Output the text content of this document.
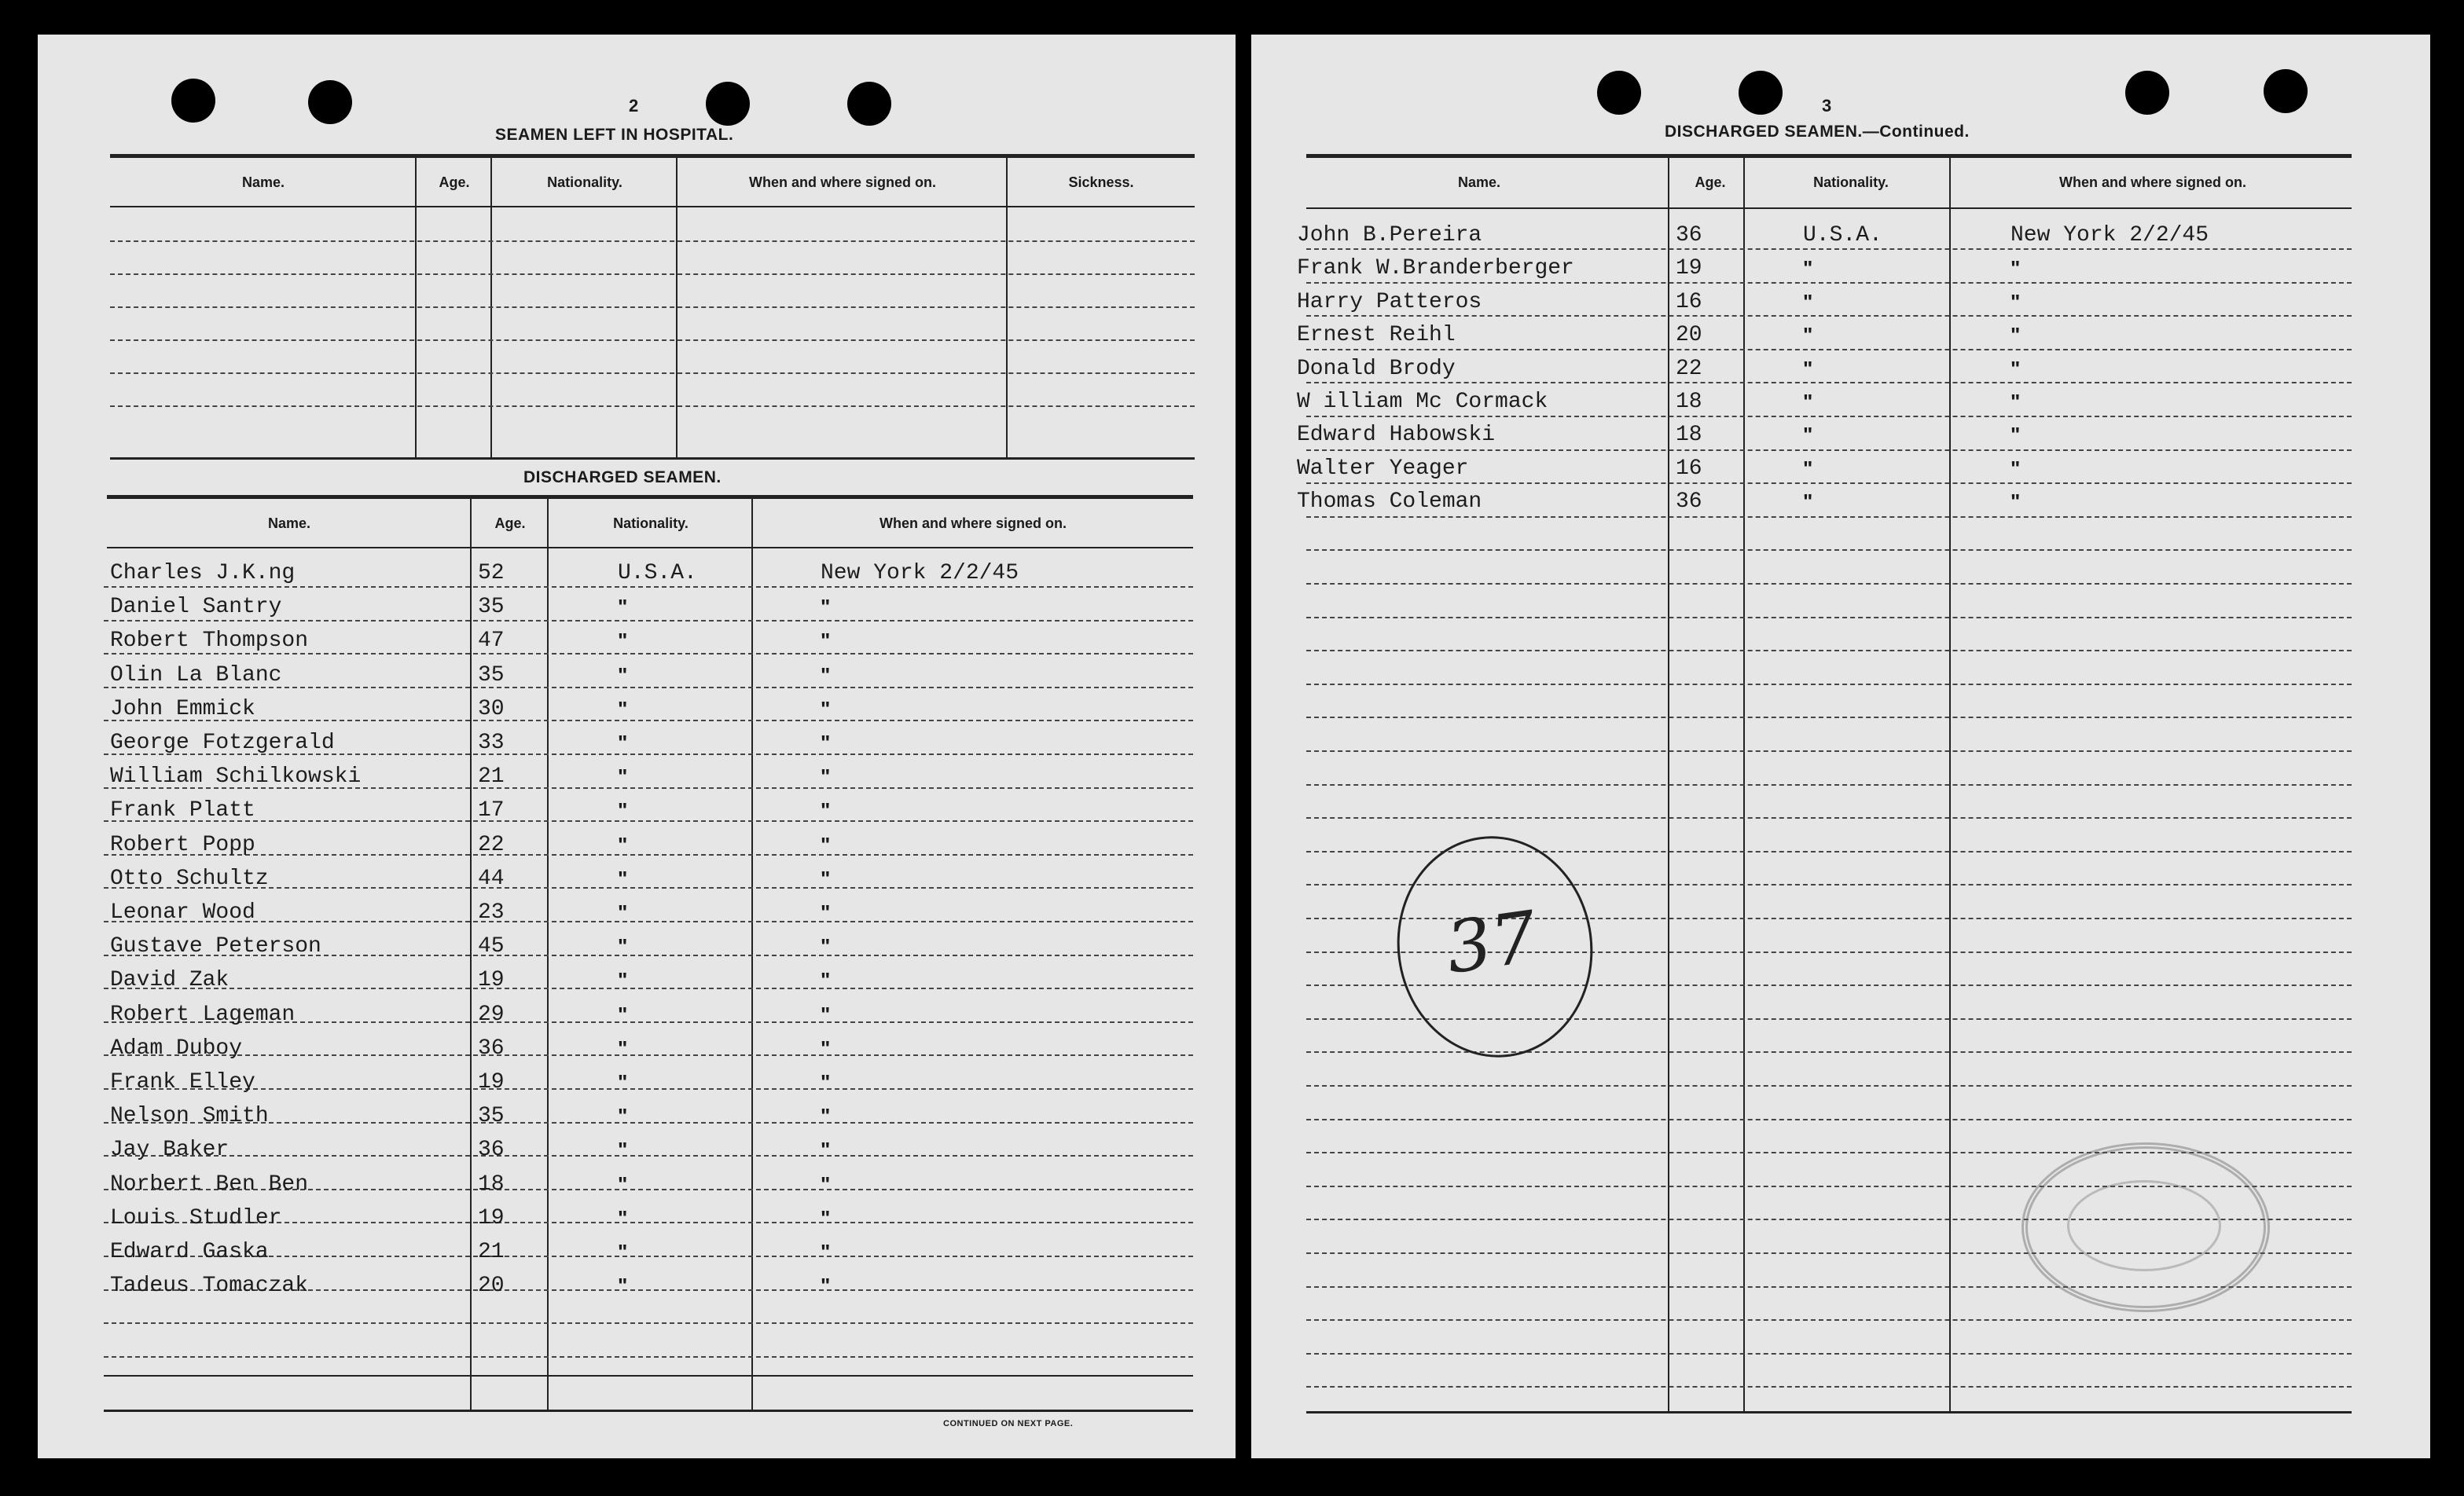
2
SEAMEN LEFT IN HOSPITAL.
Name.	Age.	Nationality.	When and where signed on.	Sickness.
DISCHARGED SEAMEN.
Name.	Age.	Nationality.	When and where signed on.
Charles J.K.ng	52	U.S.A.	New York 2/2/45
Daniel Santry	35	"	"
Robert Thompson	47	"	"
Olin La Blanc	35	"	"
John Emmick	30	"	"
George Fotzgerald	33	"	"
William Schilkowski	21	"	"
Frank Platt	17	"	"
Robert Popp	22	"	"
Otto Schultz	44	"	"
Leonar Wood	23	"	"
Gustave Peterson	45	"	"
David Zak	19	"	"
Robert Lageman	29	"	"
Adam Duboy	36	"	"
Frank Elley	19	"	"
Nelson Smith	35	"	"
Jay Baker	36	"	"
Norbert Ben Ben	18	"	"
Louis Studler	19	"	"
Edward Gaska	21	"	"
Tadeus Tomaczak	20	"	"
CONTINUED ON NEXT PAGE.
3
DISCHARGED SEAMEN.—Continued.
Name.	Age.	Nationality.	When and where signed on.
John B.Pereira	36	U.S.A.	New York 2/2/45
Frank W.Branderberger	19	"	"
Harry Patteros	16	"	"
Ernest Reihl	20	"	"
Donald Brody	22	"	"
W illiam Mc Cormack	18	"	"
Edward Habowski	18	"	"
Walter Yeager	16	"	"
Thomas Coleman	36	"	"
37
